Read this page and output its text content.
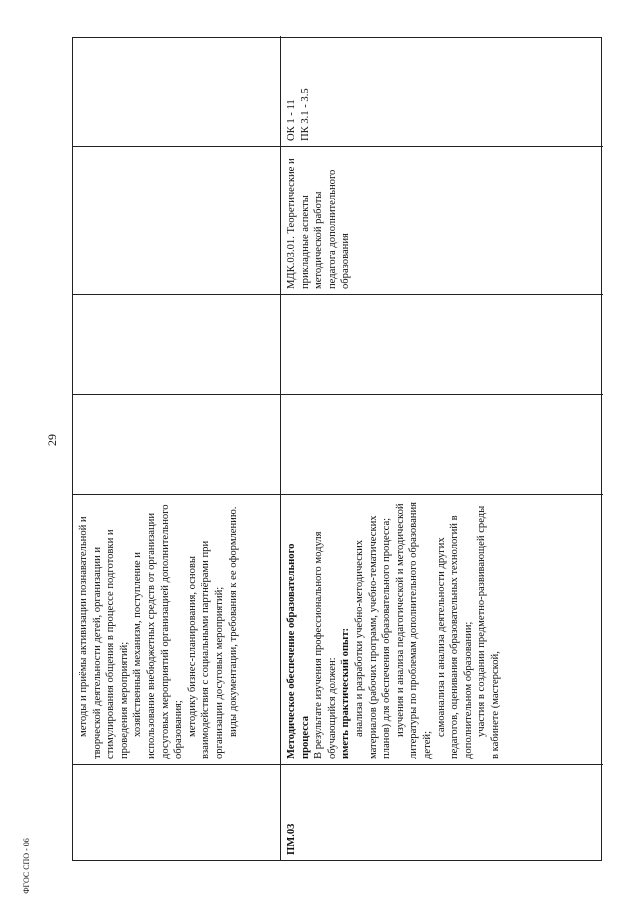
29

методы и приёмы активизации познавательной и творческой деятельности детей, организации и стимулирования общения в процессе подготовки и проведения мероприятий; хозяйственный механизм, поступление и использование внебюджетных средств от организации досуговых мероприятий организацией дополнительного образования; методику бизнес-планирования, основы взаимодействия с социальными партнёрами при организации досуговых мероприятий; виды документации, требования к ее оформлению.

ПМ.03

Методическое обеспечение образовательного процесса В результате изучения профессионального модуля обучающийся должен: иметь практический опыт: анализа и разработки учебно-методических материалов (рабочих программ, учебно-тематических планов) для обеспечения образовательного процесса; изучения и анализа педагогической и методической литературы по проблемам дополнительного образования детей;

самоанализа и анализа деятельности других педагогов, оценивания образовательных технологий в дополнительном образовании; участия в создании предметно-развивающей среды в кабинете (мастерской,

МДК.03.01. Теоретические и прикладные аспекты методической работы педагога дополнительного образования
ОК 1 - 11
ПК 3.1 - 3.5
ФГОС СПО - 06
